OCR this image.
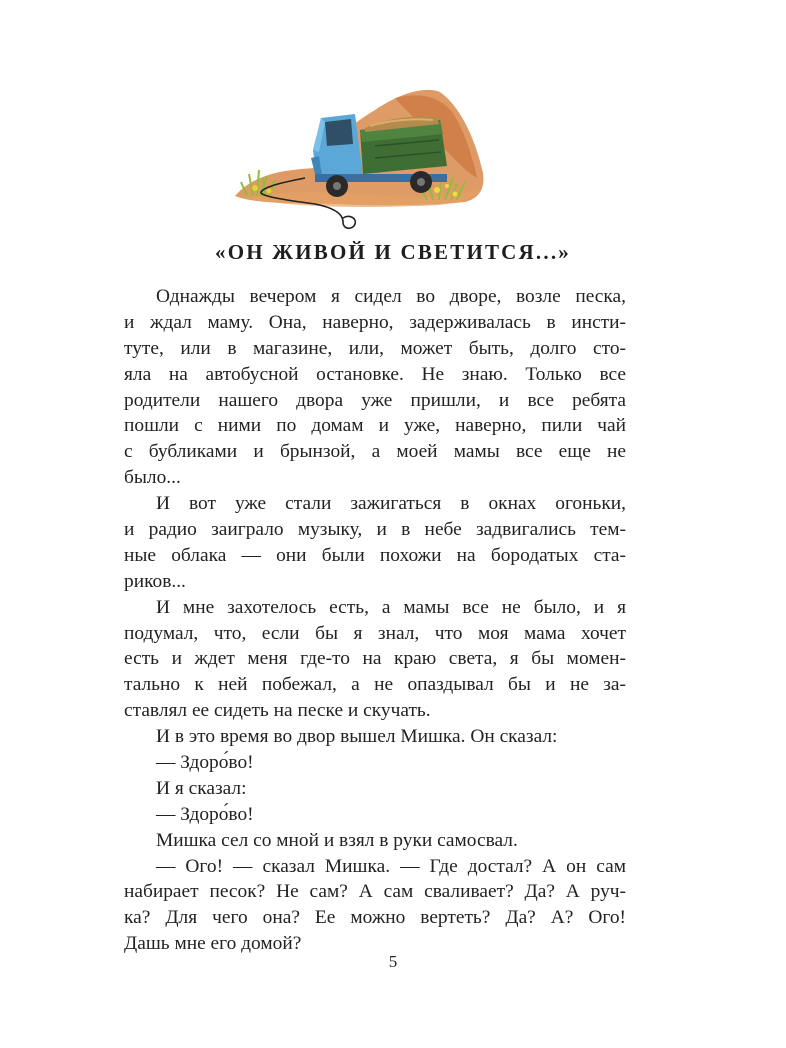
«ОН ЖИВОЙ И СВЕТИТСЯ...»
Однажды вечером я сидел во дворе, возле песка,
и ждал маму. Она, наверно, задерживалась в инсти-
туте, или в магазине, или, может быть, долго сто-
яла на автобусной остановке. Не знаю. Только все
родители нашего двора уже пришли, и все ребята
пошли с ними по домам и уже, наверно, пили чай
с бубликами и брынзой, а моей мамы все еще не
было...
И вот уже стали зажигаться в окнах огоньки,
и радио заиграло музыку, и в небе задвигались тем-
ные облака — они были похожи на бородатых ста-
риков...
И мне захотелось есть, а мамы все не было, и я
подумал, что, если бы я знал, что моя мама хочет
есть и ждет меня где-то на краю света, я бы момен-
тально к ней побежал, а не опаздывал бы и не за-
ставлял ее сидеть на песке и скучать.
И в это время во двор вышел Мишка. Он сказал:
— Здоро́во!
И я сказал:
— Здоро́во!
Мишка сел со мной и взял в руки самосвал.
— Ого! — сказал Мишка. — Где достал? А он сам
набирает песок? Не сам? А сам сваливает? Да? А руч-
ка? Для чего она? Ее можно вертеть? Да? А? Ого!
Дашь мне его домой?
5
